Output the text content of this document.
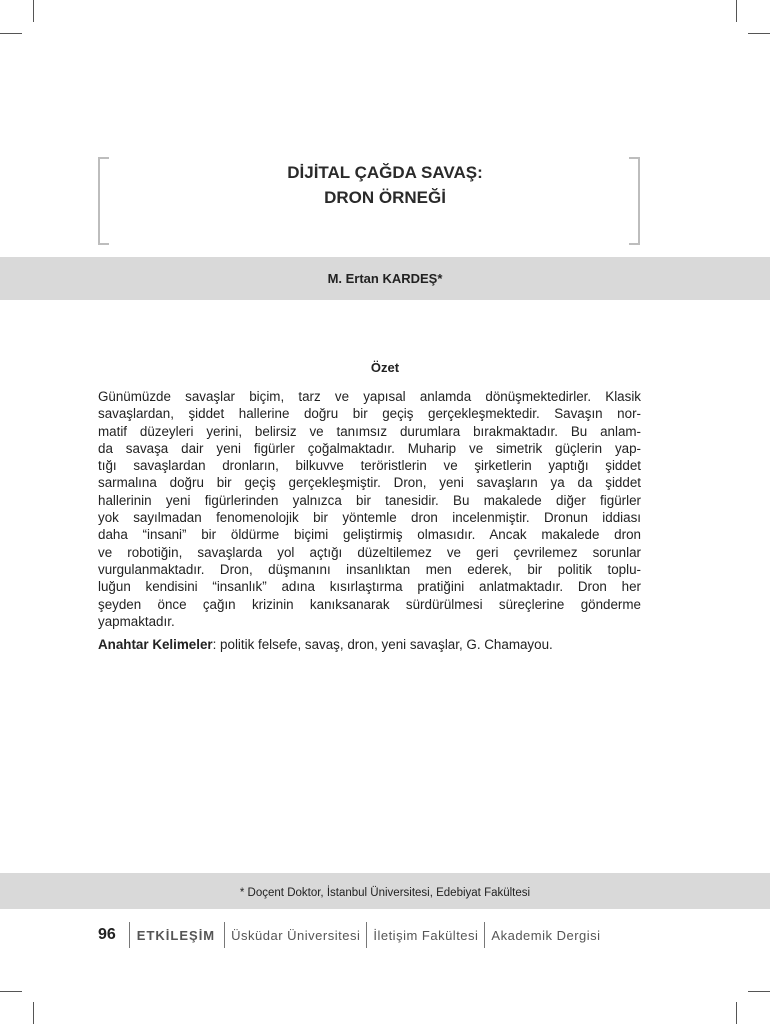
DİJİTAL ÇAĞDA SAVAŞ:
DRON ÖRNEĞİ
M. Ertan KARDEŞ*
Özet
Günümüzde savaşlar biçim, tarz ve yapısal anlamda dönüşmektedirler. Klasik
savaşlardan, şiddet hallerine doğru bir geçiş gerçekleşmektedir. Savaşın nor-
matif düzeyleri yerini, belirsiz ve tanımsız durumlara bırakmaktadır. Bu anlam-
da savaşa dair yeni figürler çoğalmaktadır. Muharip ve simetrik güçlerin yap-
tığı savaşlardan dronların, bilkuvve teröristlerin ve şirketlerin yaptığı şiddet
sarmalına doğru bir geçiş gerçekleşmiştir. Dron, yeni savaşların ya da şiddet
hallerinin yeni figürlerinden yalnızca bir tanesidir. Bu makalede diğer figürler
yok sayılmadan fenomenolojik bir yöntemle dron incelenmiştir. Dronun iddiası
daha “insani” bir öldürme biçimi geliştirmiş olmasıdır. Ancak makalede dron
ve robotiğin, savaşlarda yol açtığı düzeltilemez ve geri çevrilemez sorunlar
vurgulanmaktadır. Dron, düşmanını insanlıktan men ederek, bir politik toplu-
luğun kendisini “insanlık” adına kısırlaştırma pratiğini anlatmaktadır. Dron her
şeyden önce çağın krizinin kanıksanarak sürdürülmesi süreçlerine gönderme
yapmaktadır.
Anahtar Kelimeler: politik felsefe, savaş, dron, yeni savaşlar, G. Chamayou.
* Doçent Doktor, İstanbul Üniversitesi, Edebiyat Fakültesi
96 ETKİLEŞİM Üsküdar Üniversitesi İletişim Fakültesi Akademik Dergisi
